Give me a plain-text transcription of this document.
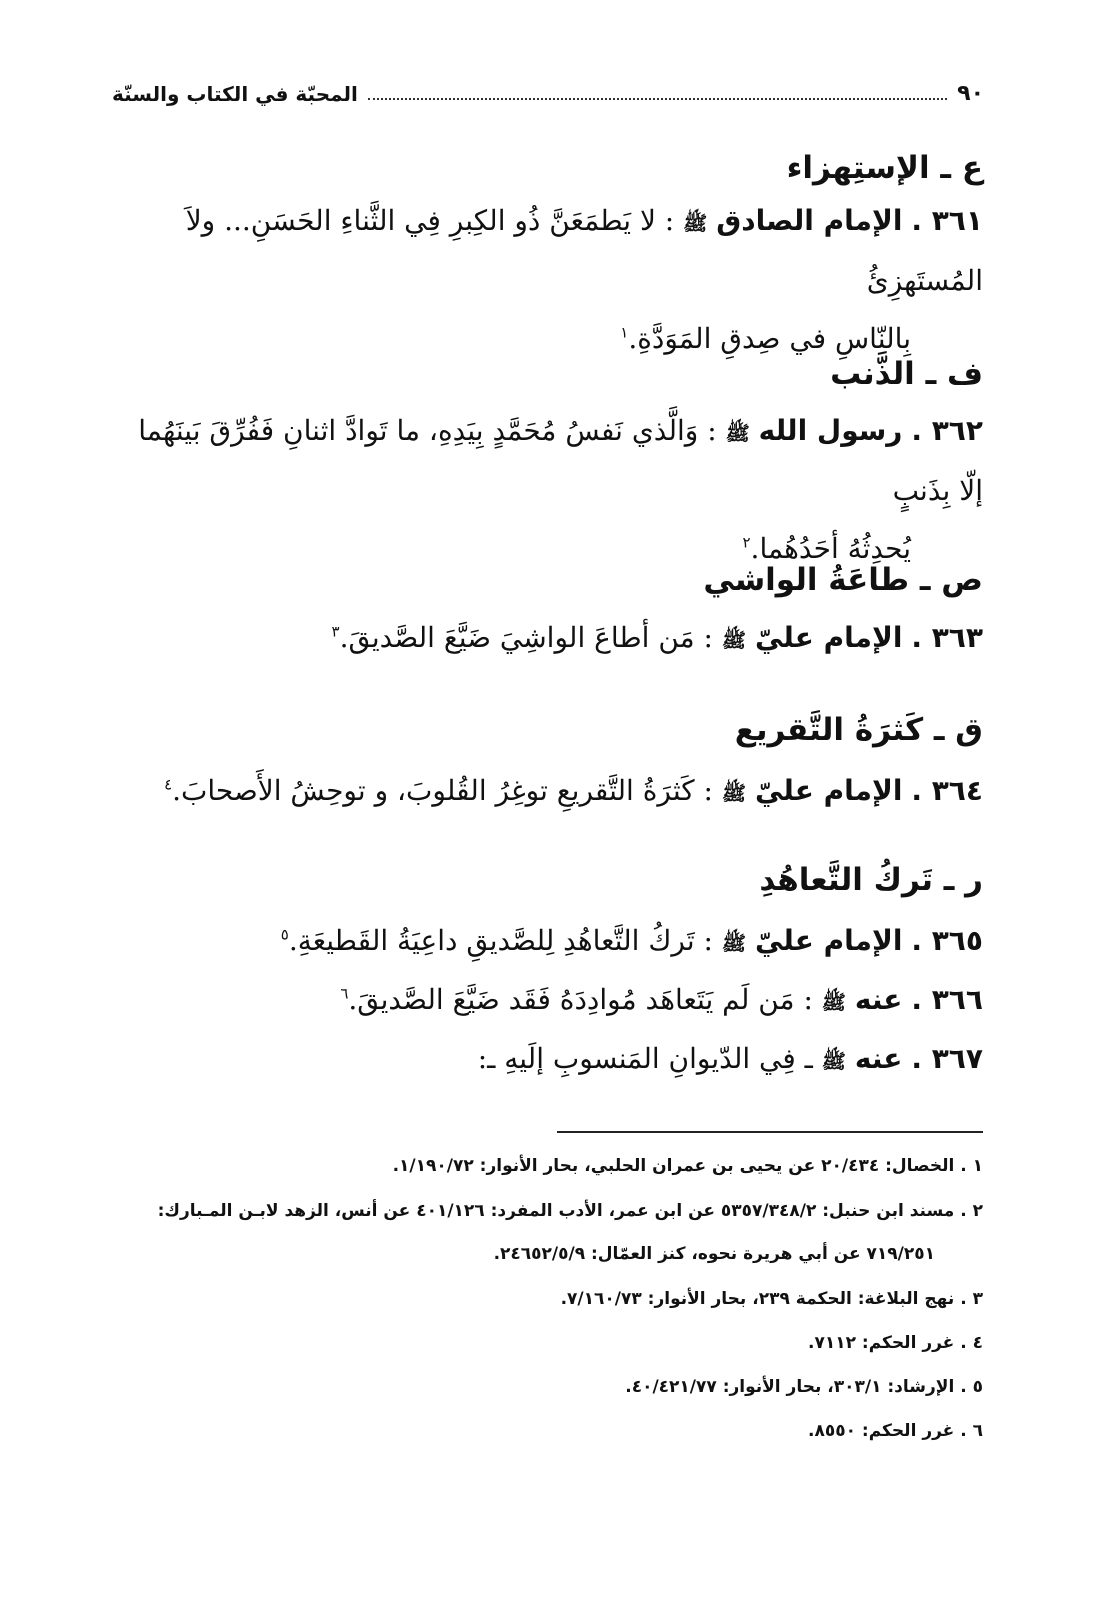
٩٠
المحبّة في الكتاب والسنّة
ع ـ الإستِهزاء
٣٦١ . الإمام الصادق ﷺ : لا يَطمَعَنَّ ذُو الكِبرِ فِي الثَّناءِ الحَسَنِ... ولاَ المُستَهزِئُ
بِالنّاسِ في صِدقِ المَوَدَّةِ.$^١$
ف ـ الذَّنب
٣٦٢ . رسول الله ﷺ : وَالَّذي نَفسُ مُحَمَّدٍ بِيَدِهِ، ما تَوادَّ اثنانِ فَفُرِّقَ بَينَهُما إلّا بِذَنبٍ
يُحدِثُهُ أحَدُهُما.$^٢$
ص ـ طاعَةُ الواشي
٣٦٣ . الإمام عليّ ﷺ : مَن أطاعَ الواشِيَ ضَيَّعَ الصَّديقَ.$^٣$
ق ـ كَثرَةُ التَّقريع
٣٦٤ . الإمام عليّ ﷺ : كَثرَةُ التَّقريعِ توغِرُ القُلوبَ، و توحِشُ الأَصحابَ.$^٤$
ر ـ تَركُ التَّعاهُدِ
٣٦٥ . الإمام عليّ ﷺ : تَركُ التَّعاهُدِ لِلصَّديقِ داعِيَةُ القَطيعَةِ.$^٥$
٣٦٦ . عنه ﷺ : مَن لَم يَتَعاهَد مُوادِدَهُ فَقَد ضَيَّعَ الصَّديقَ.$^٦$
٣٦٧ . عنه ﷺ ـ فِي الدّيوانِ المَنسوبِ إلَيهِ ـ:
١ . الخصال: ٢٠/٤٣٤ عن يحيى بن عمران الحلبي، بحار الأنوار: ١/١٩٠/٧٢.
٢ . مسند ابن حنبل: ٥٣٥٧/٣٤٨/٢ عن ابن عمر، الأدب المفرد: ٤٠١/١٢٦ عن أنس، الزهد لابـن المـبارك:
٧١٩/٢٥١ عن أبي هريرة نحوه، كنز العمّال: ٢٤٦٥٢/٥/٩.
٣ . نهج البلاغة: الحكمة ٢٣٩، بحار الأنوار: ٧/١٦٠/٧٣.
٤ . غرر الحكم: ٧١١٢.
٥ . الإرشاد: ٣٠٣/١، بحار الأنوار: ٤٠/٤٢١/٧٧.
٦ . غرر الحكم: ٨٥٥٠.
